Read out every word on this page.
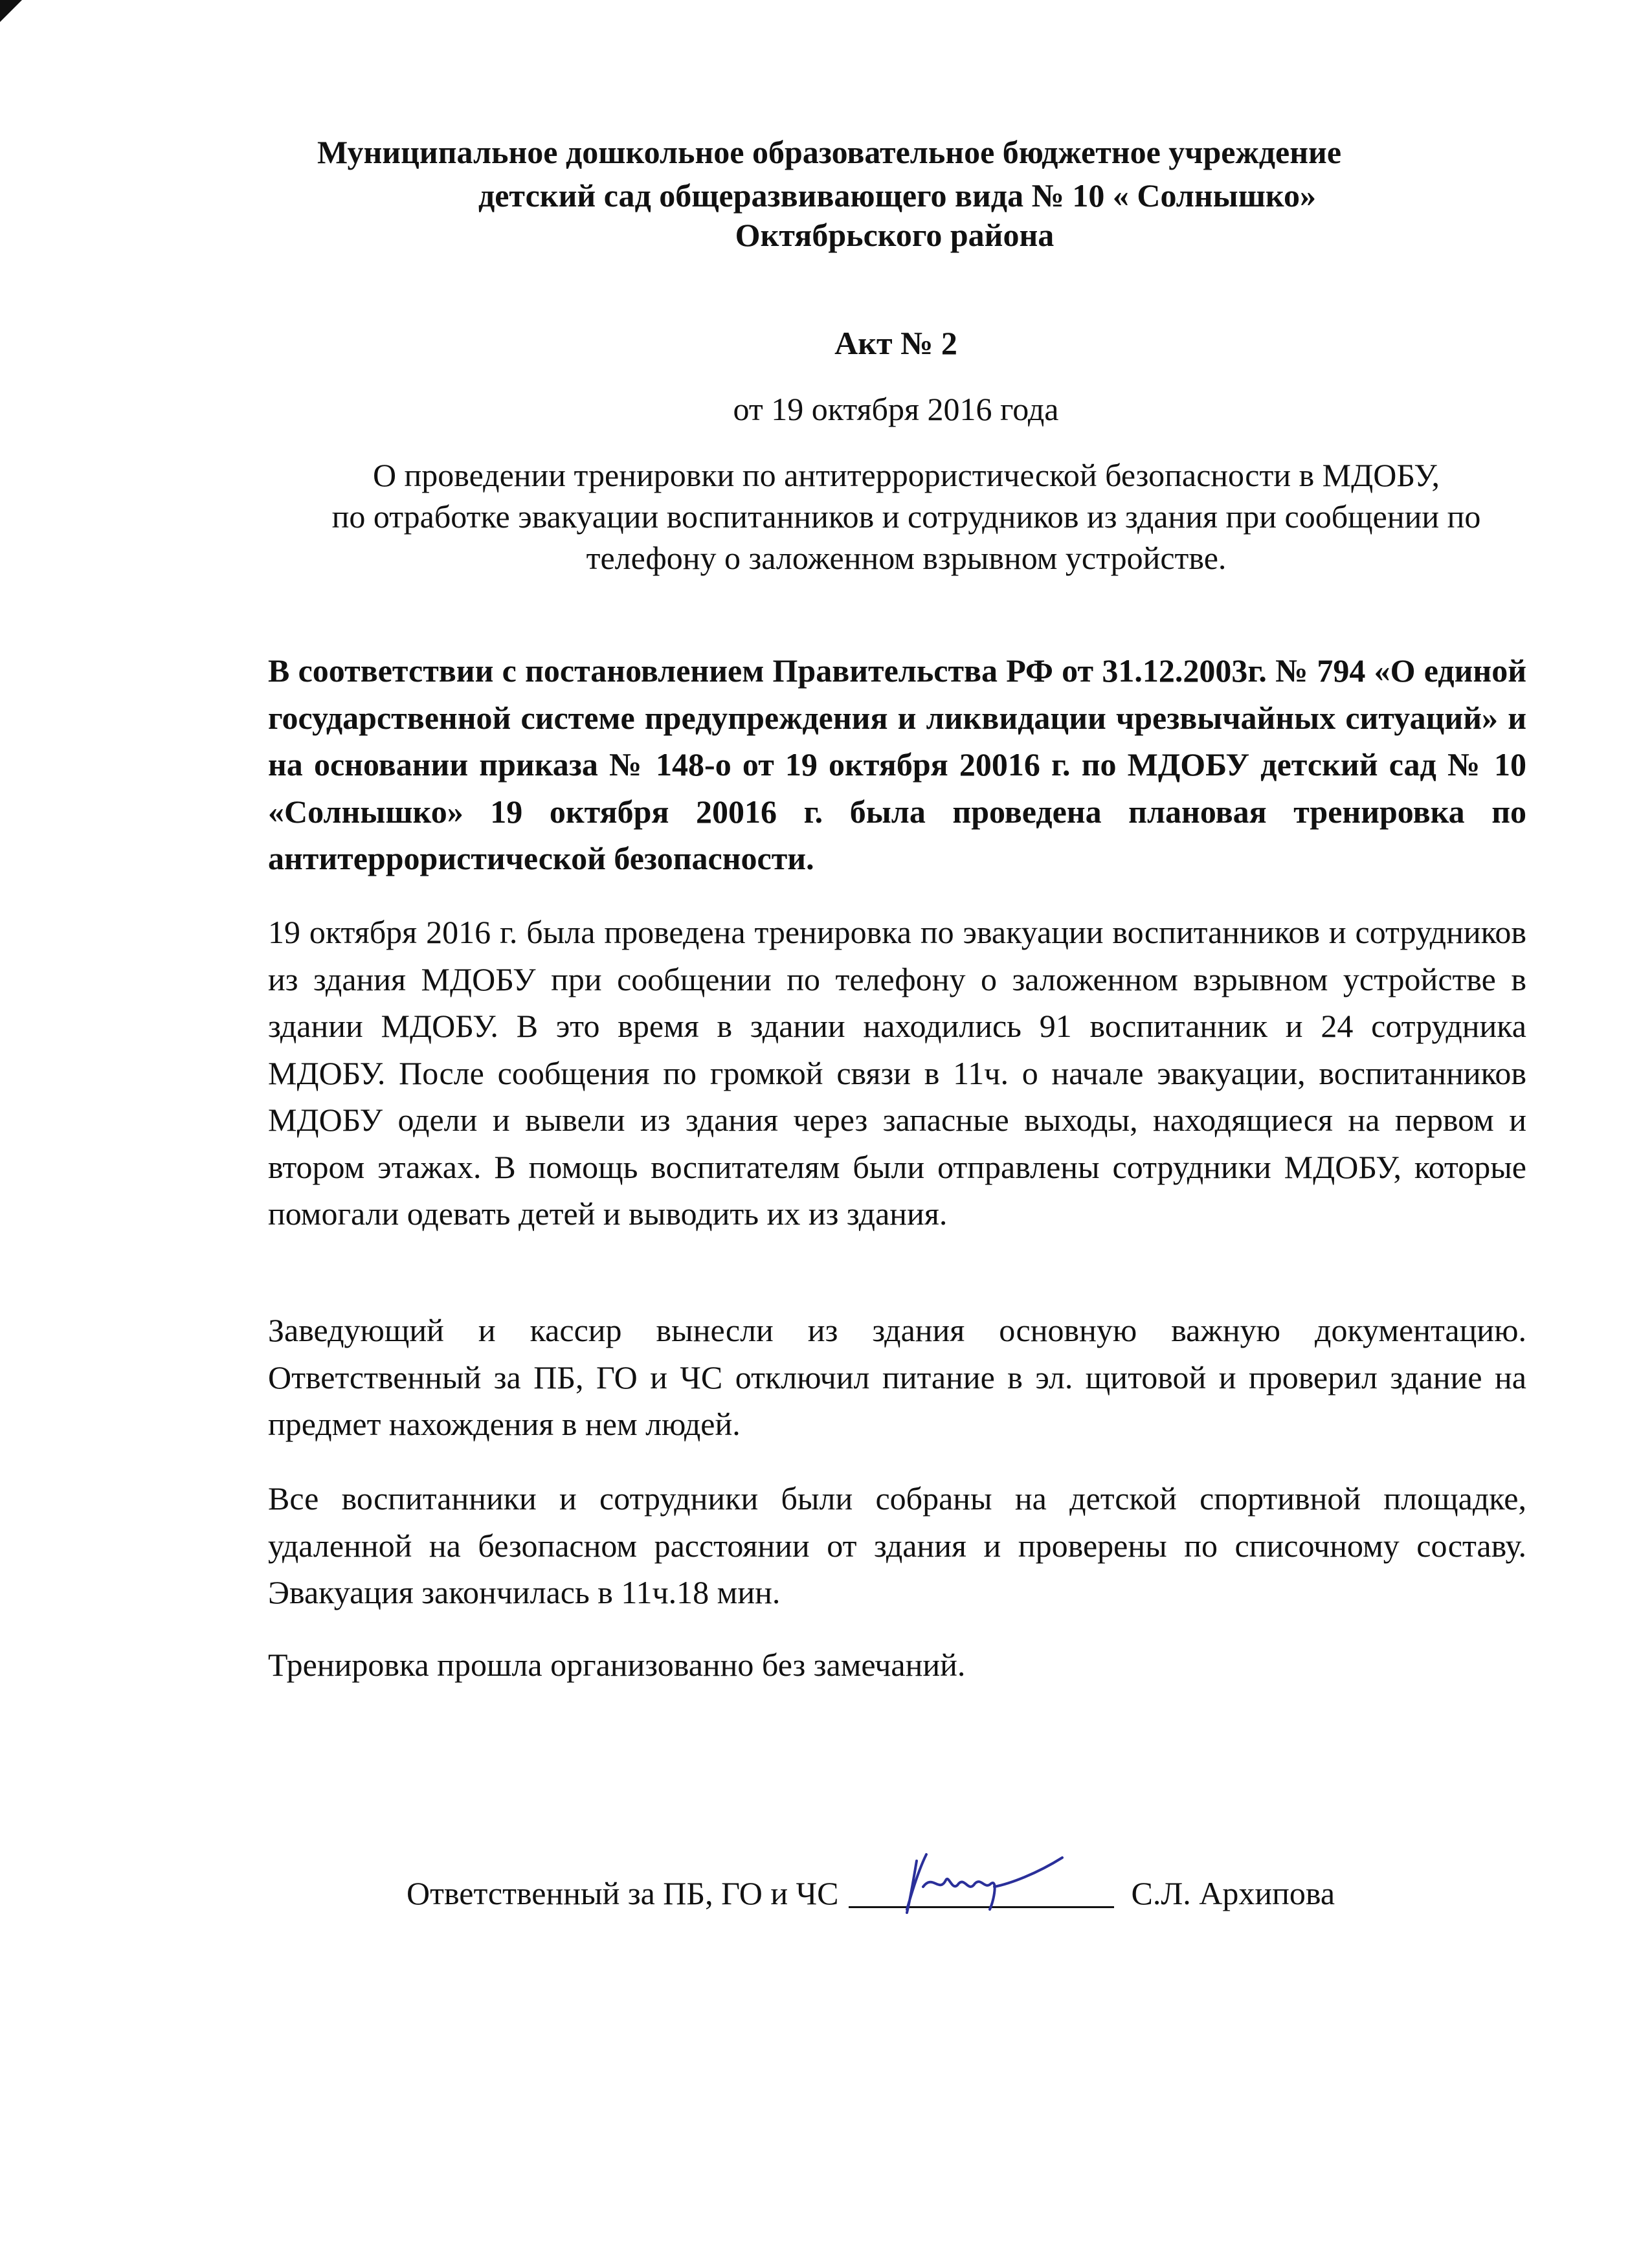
Муниципальное дошкольное образовательное бюджетное учреждение
детский сад общеразвивающего вида № 10 « Солнышко»
Октябрьского района
Акт № 2
от 19 октября 2016 года
О проведении тренировки по антитеррористической безопасности в МДОБУ,
по отработке эвакуации воспитанников и сотрудников из здания при сообщении по
телефону о заложенном взрывном устройстве.
В соответствии с постановлением Правительства РФ от 31.12.2003г. № 794 «О единой государственной системе предупреждения и ликвидации чрезвычайных ситуаций» и на основании приказа № 148-о от 19 октября 20016 г. по МДОБУ детский сад № 10 «Солнышко» 19 октября 20016 г. была проведена плановая тренировка по антитеррористической безопасности.
19 октября 2016 г. была проведена тренировка по эвакуации воспитанников и сотрудников из здания МДОБУ при сообщении по телефону о заложенном взрывном устройстве в здании МДОБУ. В это время в здании находились 91 воспитанник и 24 сотрудника МДОБУ. После сообщения по громкой связи в 11ч. о начале эвакуации, воспитанников МДОБУ одели и вывели из здания через запасные выходы, находящиеся на первом и втором этажах. В помощь воспитателям были отправлены сотрудники МДОБУ, которые помогали одевать детей и выводить их из здания.
Заведующий и кассир вынесли из здания основную важную документацию. Ответственный за ПБ, ГО и ЧС отключил питание в эл. щитовой и проверил здание на предмет нахождения в нем людей.
Все воспитанники и сотрудники были собраны на детской спортивной площадке, удаленной на безопасном расстоянии от здания и проверены по списочному составу. Эвакуация закончилась в 11ч.18 мин.
Тренировка прошла организованно без замечаний.
Ответственный за ПБ, ГО и ЧС	С.Л. Архипова
